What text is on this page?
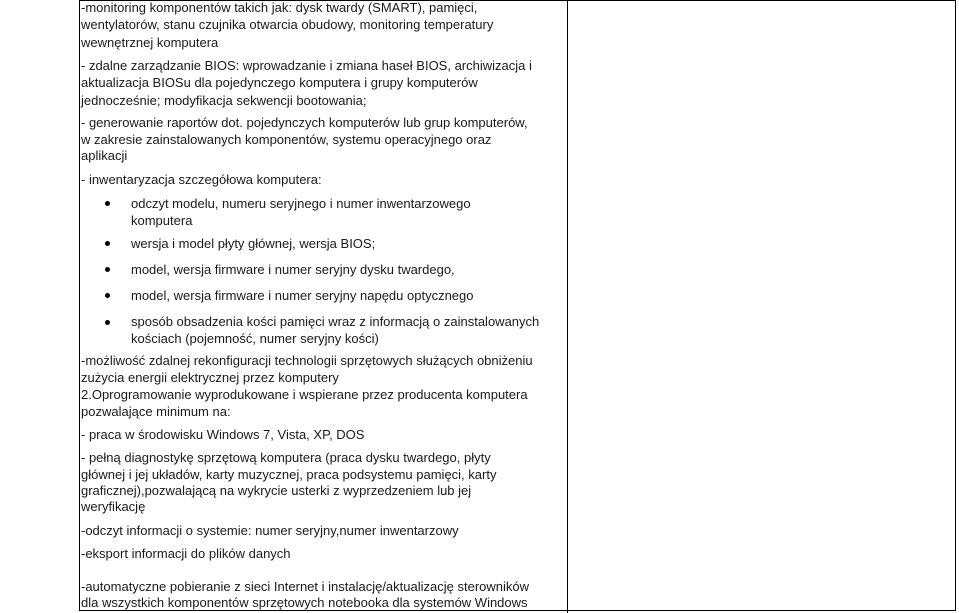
-monitoring komponentów takich jak: dysk twardy (SMART), pamięci,
wentylatorów, stanu czujnika otwarcia obudowy, monitoring temperatury
wewnętrznej komputera
- zdalne zarządzanie BIOS: wprowadzanie i zmiana haseł BIOS, archiwizacja i
aktualizacja BIOSu dla pojedynczego komputera i grupy komputerów
jednocześnie; modyfikacja sekwencji bootowania;
- generowanie raportów dot. pojedynczych komputerów lub grup komputerów,
w zakresie zainstalowanych komponentów, systemu operacyjnego oraz
aplikacji
- inwentaryzacja szczegółowa komputera:
odczyt modelu, numeru seryjnego i numer inwentarzowego
komputera
wersja i model płyty głównej, wersja BIOS;
model, wersja firmware i numer seryjny dysku twardego,
model, wersja firmware i numer seryjny napędu optycznego
sposób obsadzenia kości pamięci wraz z informacją o zainstalowanych
kościach (pojemność, numer seryjny kości)
-możliwość zdalnej rekonfiguracji technologii sprzętowych służących obniżeniu
zużycia energii elektrycznej przez komputery
2.Oprogramowanie wyprodukowane i wspierane przez producenta komputera
pozwalające minimum na:
- praca w środowisku Windows 7, Vista, XP, DOS
- pełną diagnostykę sprzętową komputera (praca dysku twardego, płyty
głównej i jej układów, karty muzycznej, praca podsystemu pamięci, karty
graficznej),pozwalającą na wykrycie usterki z wyprzedzeniem lub jej
weryfikację
-odczyt informacji o systemie: numer seryjny,numer inwentarzowy
-eksport informacji do plików danych
-automatyczne pobieranie z sieci Internet i instalację/aktualizację sterowników
dla wszystkich komponentów sprzętowych notebooka dla systemów Windows
